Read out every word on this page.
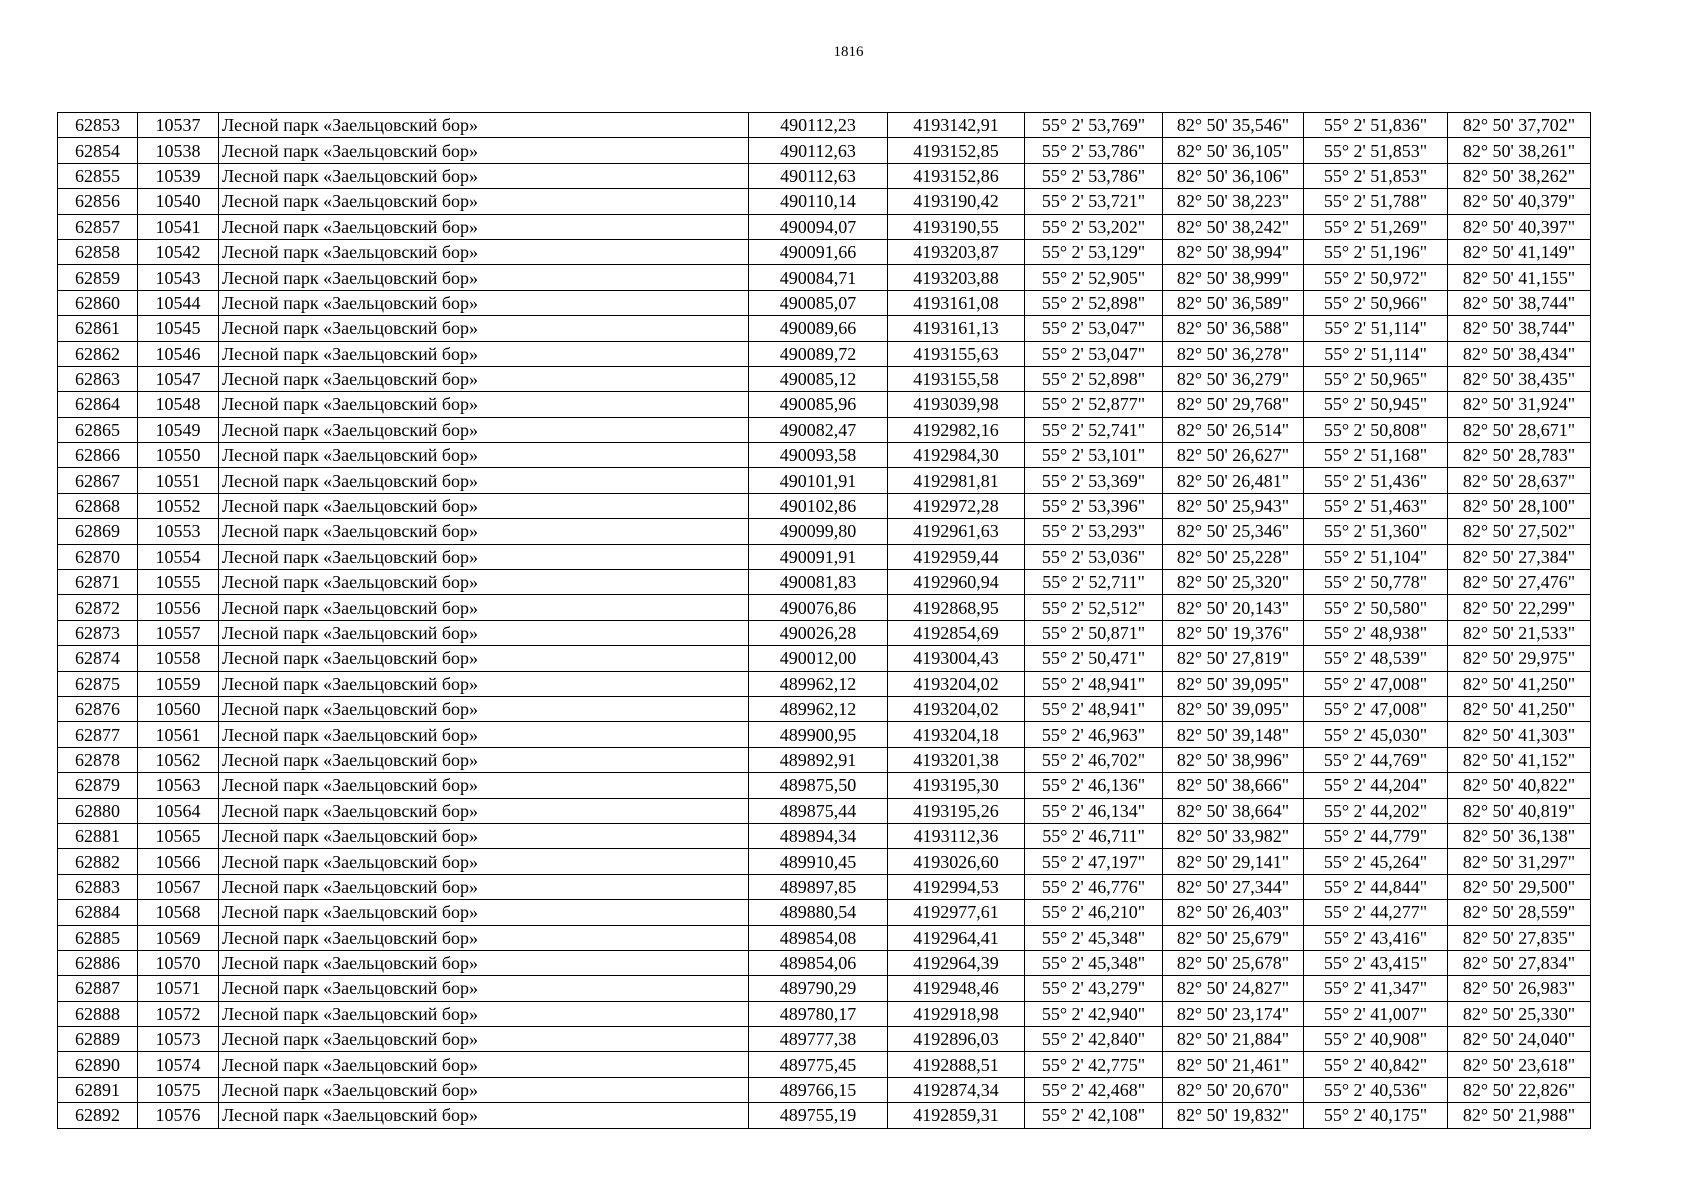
1816
62853	10537	Лесной парк «Заельцовский бор»	490112,23	4193142,91	55° 2' 53,769"	82° 50' 35,546"	55° 2' 51,836"	82° 50' 37,702"
62854	10538	Лесной парк «Заельцовский бор»	490112,63	4193152,85	55° 2' 53,786"	82° 50' 36,105"	55° 2' 51,853"	82° 50' 38,261"
62855	10539	Лесной парк «Заельцовский бор»	490112,63	4193152,86	55° 2' 53,786"	82° 50' 36,106"	55° 2' 51,853"	82° 50' 38,262"
62856	10540	Лесной парк «Заельцовский бор»	490110,14	4193190,42	55° 2' 53,721"	82° 50' 38,223"	55° 2' 51,788"	82° 50' 40,379"
62857	10541	Лесной парк «Заельцовский бор»	490094,07	4193190,55	55° 2' 53,202"	82° 50' 38,242"	55° 2' 51,269"	82° 50' 40,397"
62858	10542	Лесной парк «Заельцовский бор»	490091,66	4193203,87	55° 2' 53,129"	82° 50' 38,994"	55° 2' 51,196"	82° 50' 41,149"
62859	10543	Лесной парк «Заельцовский бор»	490084,71	4193203,88	55° 2' 52,905"	82° 50' 38,999"	55° 2' 50,972"	82° 50' 41,155"
62860	10544	Лесной парк «Заельцовский бор»	490085,07	4193161,08	55° 2' 52,898"	82° 50' 36,589"	55° 2' 50,966"	82° 50' 38,744"
62861	10545	Лесной парк «Заельцовский бор»	490089,66	4193161,13	55° 2' 53,047"	82° 50' 36,588"	55° 2' 51,114"	82° 50' 38,744"
62862	10546	Лесной парк «Заельцовский бор»	490089,72	4193155,63	55° 2' 53,047"	82° 50' 36,278"	55° 2' 51,114"	82° 50' 38,434"
62863	10547	Лесной парк «Заельцовский бор»	490085,12	4193155,58	55° 2' 52,898"	82° 50' 36,279"	55° 2' 50,965"	82° 50' 38,435"
62864	10548	Лесной парк «Заельцовский бор»	490085,96	4193039,98	55° 2' 52,877"	82° 50' 29,768"	55° 2' 50,945"	82° 50' 31,924"
62865	10549	Лесной парк «Заельцовский бор»	490082,47	4192982,16	55° 2' 52,741"	82° 50' 26,514"	55° 2' 50,808"	82° 50' 28,671"
62866	10550	Лесной парк «Заельцовский бор»	490093,58	4192984,30	55° 2' 53,101"	82° 50' 26,627"	55° 2' 51,168"	82° 50' 28,783"
62867	10551	Лесной парк «Заельцовский бор»	490101,91	4192981,81	55° 2' 53,369"	82° 50' 26,481"	55° 2' 51,436"	82° 50' 28,637"
62868	10552	Лесной парк «Заельцовский бор»	490102,86	4192972,28	55° 2' 53,396"	82° 50' 25,943"	55° 2' 51,463"	82° 50' 28,100"
62869	10553	Лесной парк «Заельцовский бор»	490099,80	4192961,63	55° 2' 53,293"	82° 50' 25,346"	55° 2' 51,360"	82° 50' 27,502"
62870	10554	Лесной парк «Заельцовский бор»	490091,91	4192959,44	55° 2' 53,036"	82° 50' 25,228"	55° 2' 51,104"	82° 50' 27,384"
62871	10555	Лесной парк «Заельцовский бор»	490081,83	4192960,94	55° 2' 52,711"	82° 50' 25,320"	55° 2' 50,778"	82° 50' 27,476"
62872	10556	Лесной парк «Заельцовский бор»	490076,86	4192868,95	55° 2' 52,512"	82° 50' 20,143"	55° 2' 50,580"	82° 50' 22,299"
62873	10557	Лесной парк «Заельцовский бор»	490026,28	4192854,69	55° 2' 50,871"	82° 50' 19,376"	55° 2' 48,938"	82° 50' 21,533"
62874	10558	Лесной парк «Заельцовский бор»	490012,00	4193004,43	55° 2' 50,471"	82° 50' 27,819"	55° 2' 48,539"	82° 50' 29,975"
62875	10559	Лесной парк «Заельцовский бор»	489962,12	4193204,02	55° 2' 48,941"	82° 50' 39,095"	55° 2' 47,008"	82° 50' 41,250"
62876	10560	Лесной парк «Заельцовский бор»	489962,12	4193204,02	55° 2' 48,941"	82° 50' 39,095"	55° 2' 47,008"	82° 50' 41,250"
62877	10561	Лесной парк «Заельцовский бор»	489900,95	4193204,18	55° 2' 46,963"	82° 50' 39,148"	55° 2' 45,030"	82° 50' 41,303"
62878	10562	Лесной парк «Заельцовский бор»	489892,91	4193201,38	55° 2' 46,702"	82° 50' 38,996"	55° 2' 44,769"	82° 50' 41,152"
62879	10563	Лесной парк «Заельцовский бор»	489875,50	4193195,30	55° 2' 46,136"	82° 50' 38,666"	55° 2' 44,204"	82° 50' 40,822"
62880	10564	Лесной парк «Заельцовский бор»	489875,44	4193195,26	55° 2' 46,134"	82° 50' 38,664"	55° 2' 44,202"	82° 50' 40,819"
62881	10565	Лесной парк «Заельцовский бор»	489894,34	4193112,36	55° 2' 46,711"	82° 50' 33,982"	55° 2' 44,779"	82° 50' 36,138"
62882	10566	Лесной парк «Заельцовский бор»	489910,45	4193026,60	55° 2' 47,197"	82° 50' 29,141"	55° 2' 45,264"	82° 50' 31,297"
62883	10567	Лесной парк «Заельцовский бор»	489897,85	4192994,53	55° 2' 46,776"	82° 50' 27,344"	55° 2' 44,844"	82° 50' 29,500"
62884	10568	Лесной парк «Заельцовский бор»	489880,54	4192977,61	55° 2' 46,210"	82° 50' 26,403"	55° 2' 44,277"	82° 50' 28,559"
62885	10569	Лесной парк «Заельцовский бор»	489854,08	4192964,41	55° 2' 45,348"	82° 50' 25,679"	55° 2' 43,416"	82° 50' 27,835"
62886	10570	Лесной парк «Заельцовский бор»	489854,06	4192964,39	55° 2' 45,348"	82° 50' 25,678"	55° 2' 43,415"	82° 50' 27,834"
62887	10571	Лесной парк «Заельцовский бор»	489790,29	4192948,46	55° 2' 43,279"	82° 50' 24,827"	55° 2' 41,347"	82° 50' 26,983"
62888	10572	Лесной парк «Заельцовский бор»	489780,17	4192918,98	55° 2' 42,940"	82° 50' 23,174"	55° 2' 41,007"	82° 50' 25,330"
62889	10573	Лесной парк «Заельцовский бор»	489777,38	4192896,03	55° 2' 42,840"	82° 50' 21,884"	55° 2' 40,908"	82° 50' 24,040"
62890	10574	Лесной парк «Заельцовский бор»	489775,45	4192888,51	55° 2' 42,775"	82° 50' 21,461"	55° 2' 40,842"	82° 50' 23,618"
62891	10575	Лесной парк «Заельцовский бор»	489766,15	4192874,34	55° 2' 42,468"	82° 50' 20,670"	55° 2' 40,536"	82° 50' 22,826"
62892	10576	Лесной парк «Заельцовский бор»	489755,19	4192859,31	55° 2' 42,108"	82° 50' 19,832"	55° 2' 40,175"	82° 50' 21,988"
